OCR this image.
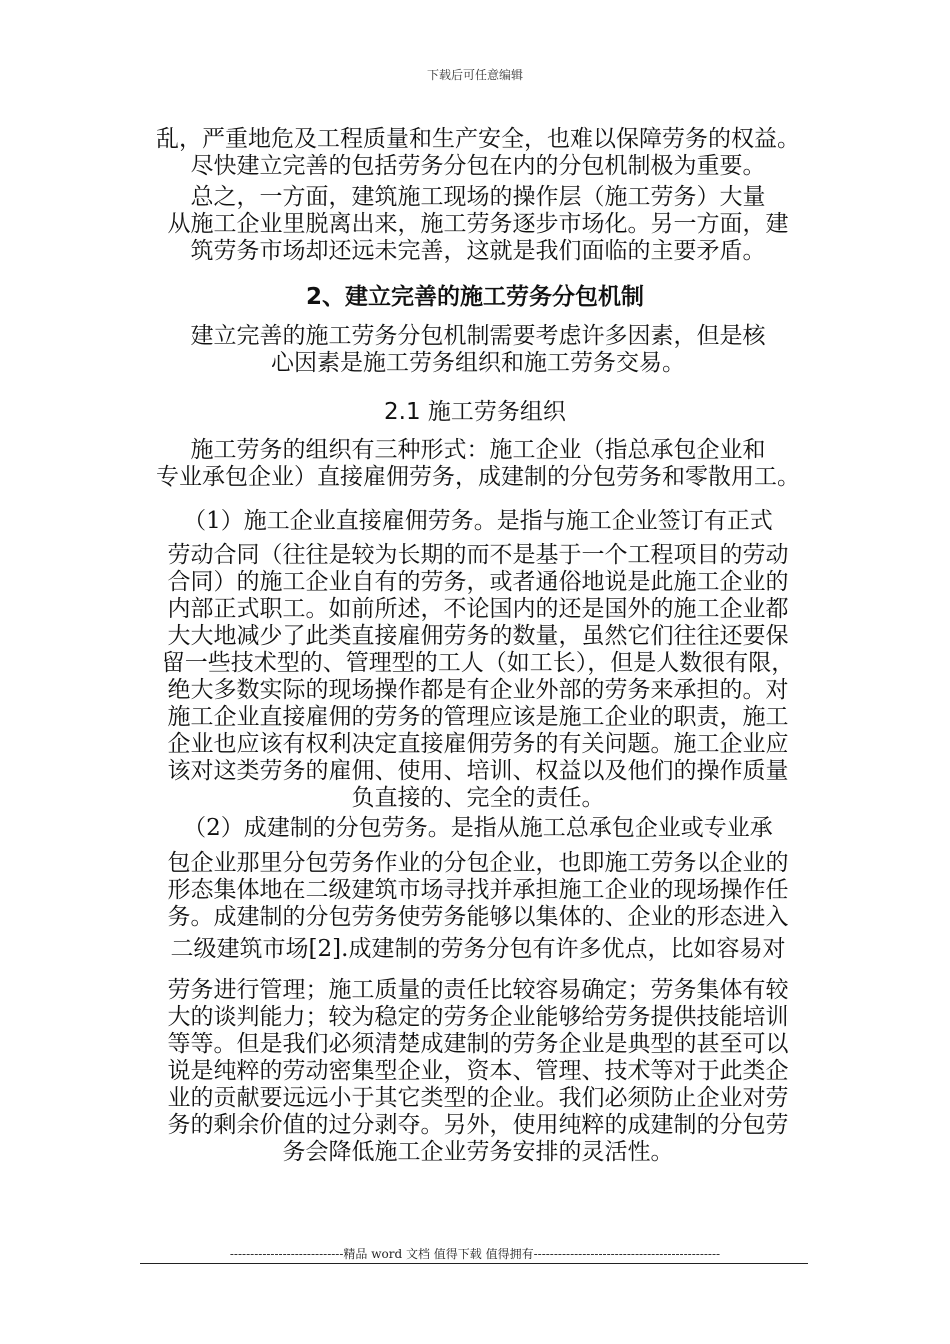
下载后可任意编辑
乱，严重地危及工程质量和生产安全，也难以保障劳务的权益。
尽快建立完善的包括劳务分包在内的分包机制极为重要。
总之，一方面，建筑施工现场的操作层（施工劳务）大量
从施工企业里脱离出来，施工劳务逐步市场化。另一方面，建
筑劳务市场却还远未完善，这就是我们面临的主要矛盾。
2、建立完善的施工劳务分包机制
建立完善的施工劳务分包机制需要考虑许多因素，但是核
心因素是施工劳务组织和施工劳务交易。
2.1 施工劳务组织
施工劳务的组织有三种形式：施工企业（指总承包企业和
专业承包企业）直接雇佣劳务，成建制的分包劳务和零散用工。
（1）施工企业直接雇佣劳务。是指与施工企业签订有正式
劳动合同（往往是较为长期的而不是基于一个工程项目的劳动
合同）的施工企业自有的劳务，或者通俗地说是此施工企业的
内部正式职工。如前所述，不论国内的还是国外的施工企业都
大大地减少了此类直接雇佣劳务的数量，虽然它们往往还要保
留一些技术型的、管理型的工人（如工长），但是人数很有限，
绝大多数实际的现场操作都是有企业外部的劳务来承担的。对
施工企业直接雇佣的劳务的管理应该是施工企业的职责，施工
企业也应该有权利决定直接雇佣劳务的有关问题。施工企业应
该对这类劳务的雇佣、使用、培训、权益以及他们的操作质量
负直接的、完全的责任。
（2）成建制的分包劳务。是指从施工总承包企业或专业承
包企业那里分包劳务作业的分包企业，也即施工劳务以企业的
形态集体地在二级建筑市场寻找并承担施工企业的现场操作任
务。成建制的分包劳务使劳务能够以集体的、企业的形态进入
二级建筑市场[2].成建制的劳务分包有许多优点，比如容易对
劳务进行管理；施工质量的责任比较容易确定；劳务集体有较
大的谈判能力；较为稳定的劳务企业能够给劳务提供技能培训
等等。但是我们必须清楚成建制的劳务企业是典型的甚至可以
说是纯粹的劳动密集型企业，资本、管理、技术等对于此类企
业的贡献要远远小于其它类型的企业。我们必须防止企业对劳
务的剩余价值的过分剥夺。另外，使用纯粹的成建制的分包劳
务会降低施工企业劳务安排的灵活性。
----------------------------精品 word 文档 值得下载 值得拥有----------------------------------------------
